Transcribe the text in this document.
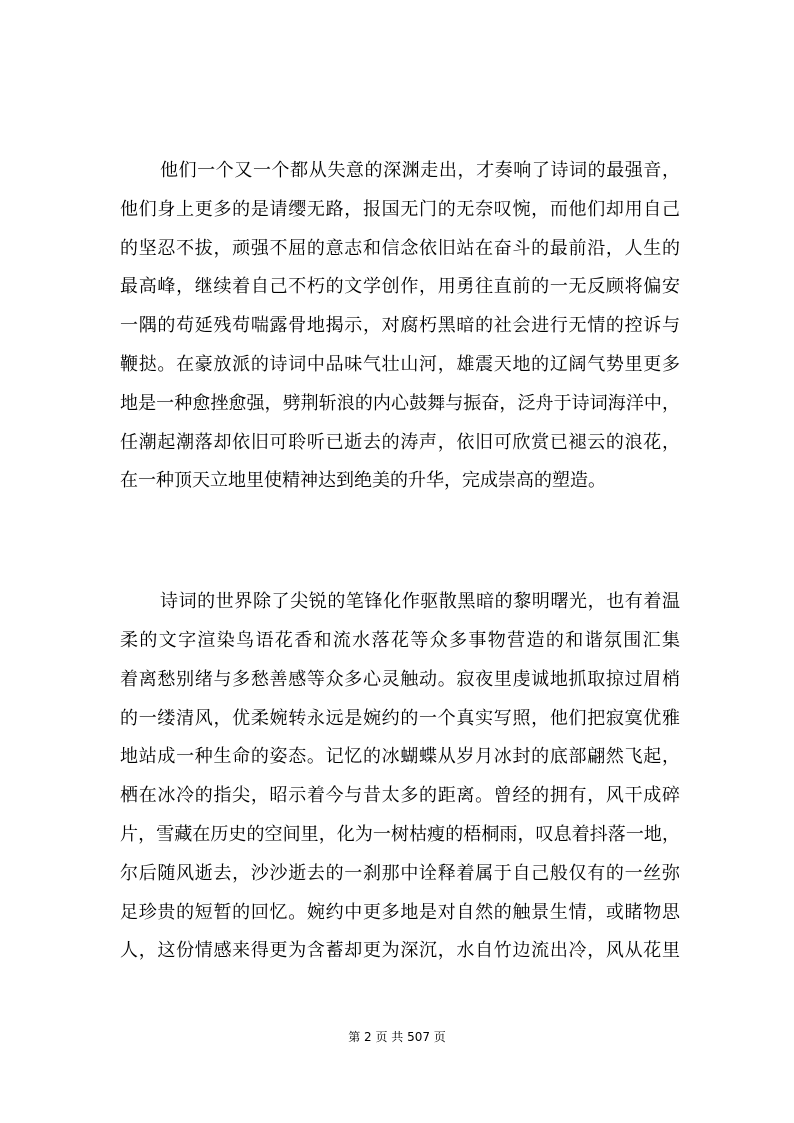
他们一个又一个都从失意的深渊走出，才奏响了诗词的最强音，
他们身上更多的是请缨无路，报国无门的无奈叹惋，而他们却用自己
的坚忍不拔，顽强不屈的意志和信念依旧站在奋斗的最前沿，人生的
最高峰，继续着自己不朽的文学创作，用勇往直前的一无反顾将偏安
一隅的苟延残苟喘露骨地揭示，对腐朽黑暗的社会进行无情的控诉与
鞭挞。在豪放派的诗词中品味气壮山河，雄震天地的辽阔气势里更多
地是一种愈挫愈强，劈荆斩浪的内心鼓舞与振奋，泛舟于诗词海洋中，
任潮起潮落却依旧可聆听已逝去的涛声，依旧可欣赏已褪云的浪花，
在一种顶天立地里使精神达到绝美的升华，完成崇高的塑造。
诗词的世界除了尖锐的笔锋化作驱散黑暗的黎明曙光，也有着温
柔的文字渲染鸟语花香和流水落花等众多事物营造的和谐氛围汇集
着离愁别绪与多愁善感等众多心灵触动。寂夜里虔诚地抓取掠过眉梢
的一缕清风，优柔婉转永远是婉约的一个真实写照，他们把寂寞优雅
地站成一种生命的姿态。记忆的冰蝴蝶从岁月冰封的底部翩然飞起，
栖在冰冷的指尖，昭示着今与昔太多的距离。曾经的拥有，风干成碎
片，雪藏在历史的空间里，化为一树枯瘦的梧桐雨，叹息着抖落一地，
尔后随风逝去，沙沙逝去的一刹那中诠释着属于自己般仅有的一丝弥
足珍贵的短暂的回忆。婉约中更多地是对自然的触景生情，或睹物思
人，这份情感来得更为含蓄却更为深沉，水自竹边流出冷，风从花里
第 2 页 共 507 页
